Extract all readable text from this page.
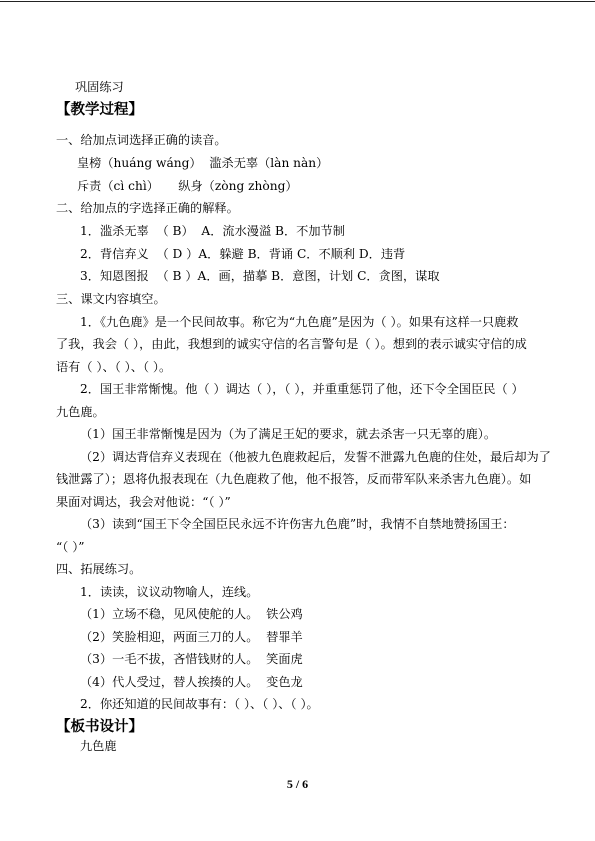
巩固练习
【教学过程】
一、给加点词选择正确的读音。
皇榜（huáng wáng）  滥杀无辜（làn nàn）
斥责（cì chì）     纵身（zòng zhòng）
二、给加点的字选择正确的解释。
1．滥杀无辜  （ B）  A．流水漫溢 B．不加节制
2．背信弃义  （ D ）A．躲避 B．背诵 C．不顺利 D．违背
3．知恩图报  （ B ）A．画，描摹 B．意图，计划 C．贪图，谋取
三、课文内容填空。
1．《九色鹿》是一个民间故事。称它为“九色鹿”是因为（ ）。如果有这样一只鹿救
了我，我会（ ），由此，我想到的诚实守信的名言警句是（ ）。想到的表示诚实守信的成
语有（ ）、（ ）、（ ）。
2．国王非常惭愧。他（ ）调达（ ），（ ），并重重惩罚了他，还下令全国臣民（ ）
九色鹿。
（1）国王非常惭愧是因为（为了满足王妃的要求，就去杀害一只无辜的鹿）。
（2）调达背信弃义表现在（他被九色鹿救起后，发誓不泄露九色鹿的住处，最后却为了
钱泄露了）；恩将仇报表现在（九色鹿救了他，他不报答，反而带军队来杀害九色鹿）。如
果面对调达，我会对他说：“（ ）”
（3）读到“国王下令全国臣民永远不许伤害九色鹿”时，我情不自禁地赞扬国王：
“（ ）”
四、拓展练习。
1．读读，议议动物喻人，连线。
（1）立场不稳，见风使舵的人。  铁公鸡
（2）笑脸相迎，两面三刀的人。  替罪羊
（3）一毛不拔，吝惜钱财的人。  笑面虎
（4）代人受过，替人挨揍的人。  变色龙
2．你还知道的民间故事有：（ ）、（ ）、（ ）。
【板书设计】
九色鹿
5 / 6
